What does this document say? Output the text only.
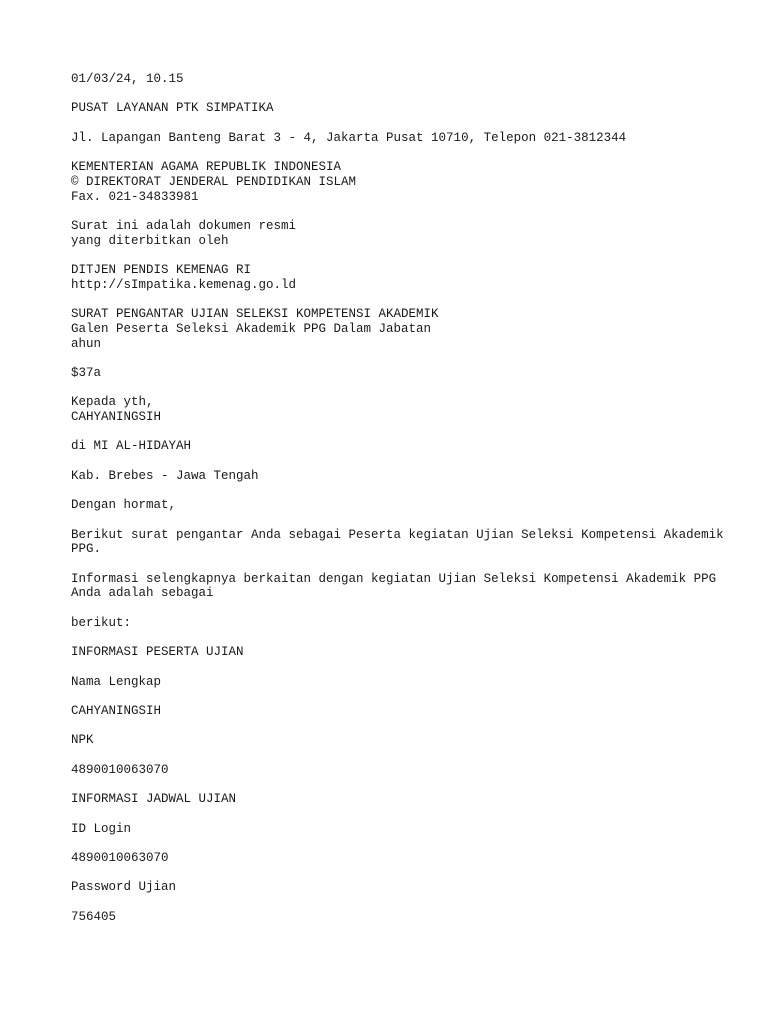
01/03/24, 10.15
PUSAT LAYANAN PTK SIMPATIKA
Jl. Lapangan Banteng Barat 3 - 4, Jakarta Pusat 10710, Telepon 021-3812344
KEMENTERIAN AGAMA REPUBLIK INDONESIA
© DIREKTORAT JENDERAL PENDIDIKAN ISLAM
Fax. 021-34833981
Surat ini adalah dokumen resmi
yang diterbitkan oleh
DITJEN PENDIS KEMENAG RI
http://sImpatika.kemenag.go.ld
SURAT PENGANTAR UJIAN SELEKSI KOMPETENSI AKADEMIK
Galen Peserta Seleksi Akademik PPG Dalam Jabatan
ahun
$37a
Kepada yth,
CAHYANINGSIH
di MI AL-HIDAYAH
Kab. Brebes - Jawa Tengah
Dengan hormat,
Berikut surat pengantar Anda sebagai Peserta kegiatan Ujian Seleksi Kompetensi Akademik PPG.
Informasi selengkapnya berkaitan dengan kegiatan Ujian Seleksi Kompetensi Akademik PPG Anda adalah sebagai
berikut:
INFORMASI PESERTA UJIAN
Nama Lengkap
CAHYANINGSIH
NPK
4890010063070
INFORMASI JADWAL UJIAN
ID Login
4890010063070
Password Ujian
756405
